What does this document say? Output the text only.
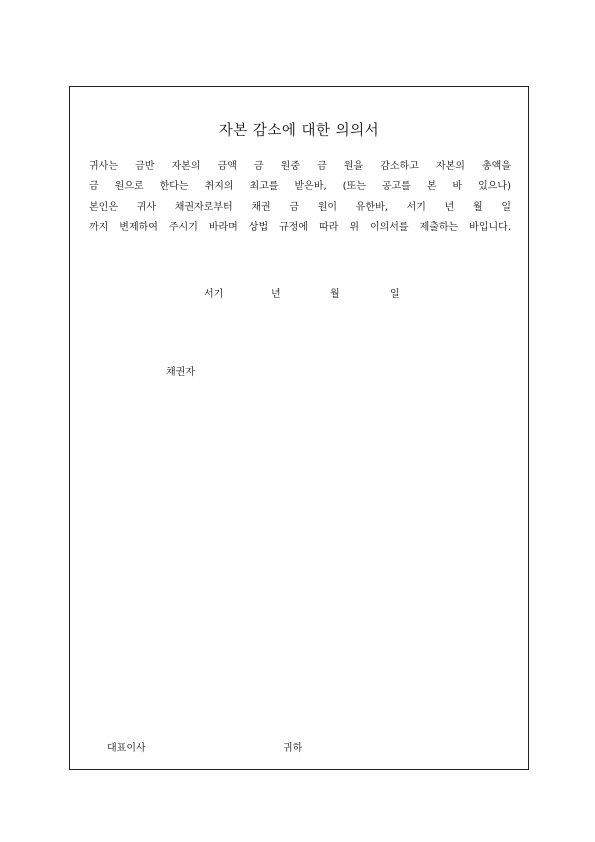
자본 감소에 대한 의의서

귀사는 금반 자본의 금액 금 원중 금 원을 감소하고 자본의 총액을

금 원으로 한다는 취지의 최고를 받은바, (또는 공고를 본 바 있으나)

본인은 귀사 채권자로부터 채권 금 원이 유한바, 서기 년 월 일

까지 변제하여 주시기 바라며 상법 규정에 따라 위 이의서를 제출하는 바입니다.

서기	년	월	일
채권자
대표이사	귀하
